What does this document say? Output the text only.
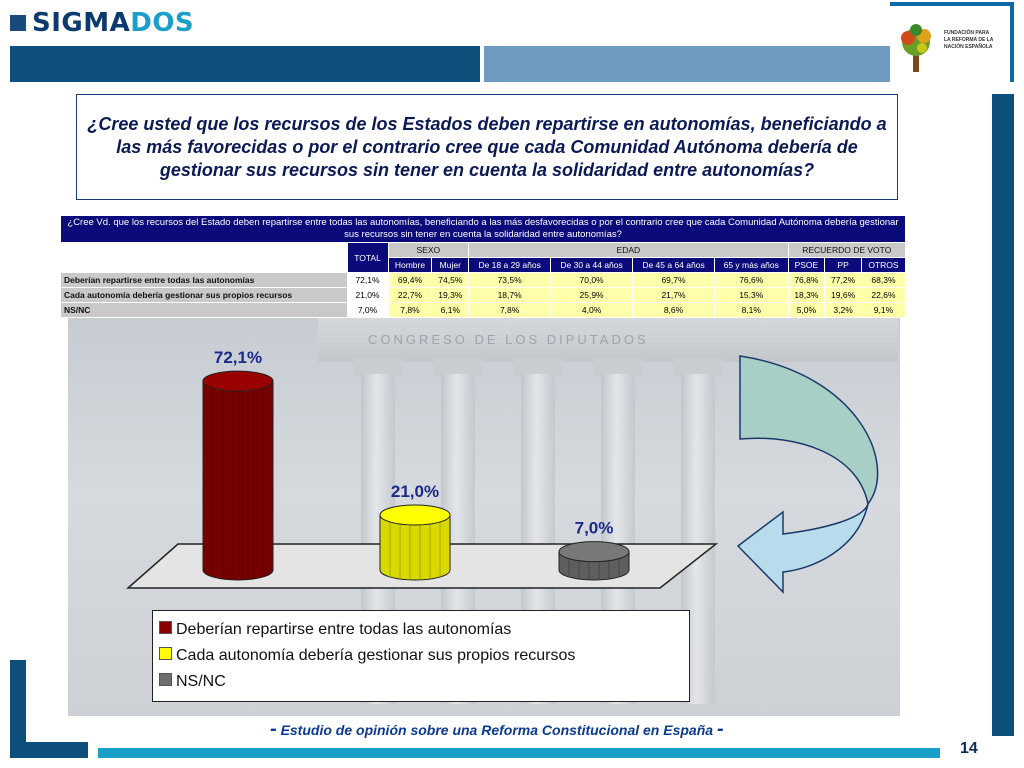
SIGMADOS	FUNDACIÓN PARA
LA REFORMA DE LA
NACIÓN ESPAÑOLA
¿Cree usted que los recursos de los Estados deben repartirse en autonomías, beneficiando a las más favorecidas o por el contrario cree que cada Comunidad Autónoma debería de gestionar sus recursos sin tener en cuenta la solidaridad entre autonomías?
CONGRESO DE LOS DIPUTADOS
¿Cree Vd. que los recursos del Estado deben repartirse entre todas las autonomías, beneficiando a las más desfavorecidas o por el contrario cree que cada Comunidad Autónoma debería gestionar sus recursos sin tener en cuenta la solidaridad entre autonomías?										
	TOTAL	SEXO		EDAD				RECUERDO DE VOTO		
		Hombre	Mujer	De 18 a 29 años	De 30 a 44 años	De 45 a 64 años	65 y más años	PSOE	PP	OTROS
Deberían repartirse entre todas las autonomías	72,1%	69,4%	74,5%	73,5%	70,0%	69,7%	76,6%	76,8%	77,2%	68,3%
Cada autonomía debería gestionar sus propios recursos	21,0%	22,7%	19,3%	18,7%	25,9%	21,7%	15,3%	18,3%	19,6%	22,6%
NS/NC	7,0%	7,8%	6,1%	7,8%	4,0%	8,6%	8,1%	5,0%	3,2%	9,1%
72,1%
21,0%
7,0%
Deberían repartirse entre todas las autonomías
Cada autonomía debería gestionar sus propios recursos
NS/NC
- Estudio de opinión sobre una Reforma Constitucional en España -
14
